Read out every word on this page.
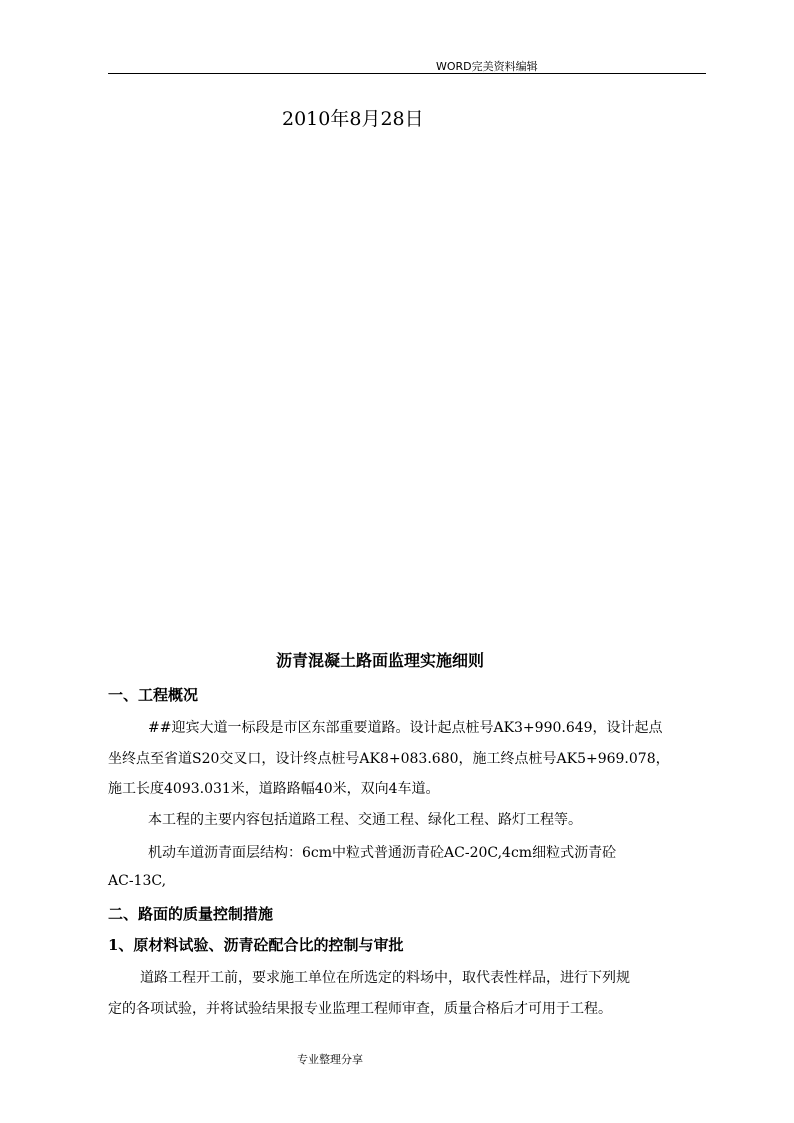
WORD完美资料编辑
2010年8月28日
沥青混凝土路面监理实施细则
一、工程概况
##迎宾大道一标段是市区东部重要道路。设计起点桩号AK3+990.649，设计起点
坐终点至省道S20交叉口，设计终点桩号AK8+083.680，施工终点桩号AK5+969.078，
施工长度4093.031米，道路路幅40米，双向4车道。
本工程的主要内容包括道路工程、交通工程、绿化工程、路灯工程等。
机动车道沥青面层结构：6cm中粒式普通沥青砼AC-20C,4cm细粒式沥青砼
AC-13C,
二、路面的质量控制措施
1、原材料试验、沥青砼配合比的控制与审批
道路工程开工前，要求施工单位在所选定的料场中，取代表性样品，进行下列规
定的各项试验，并将试验结果报专业监理工程师审查，质量合格后才可用于工程。
专业整理分享
